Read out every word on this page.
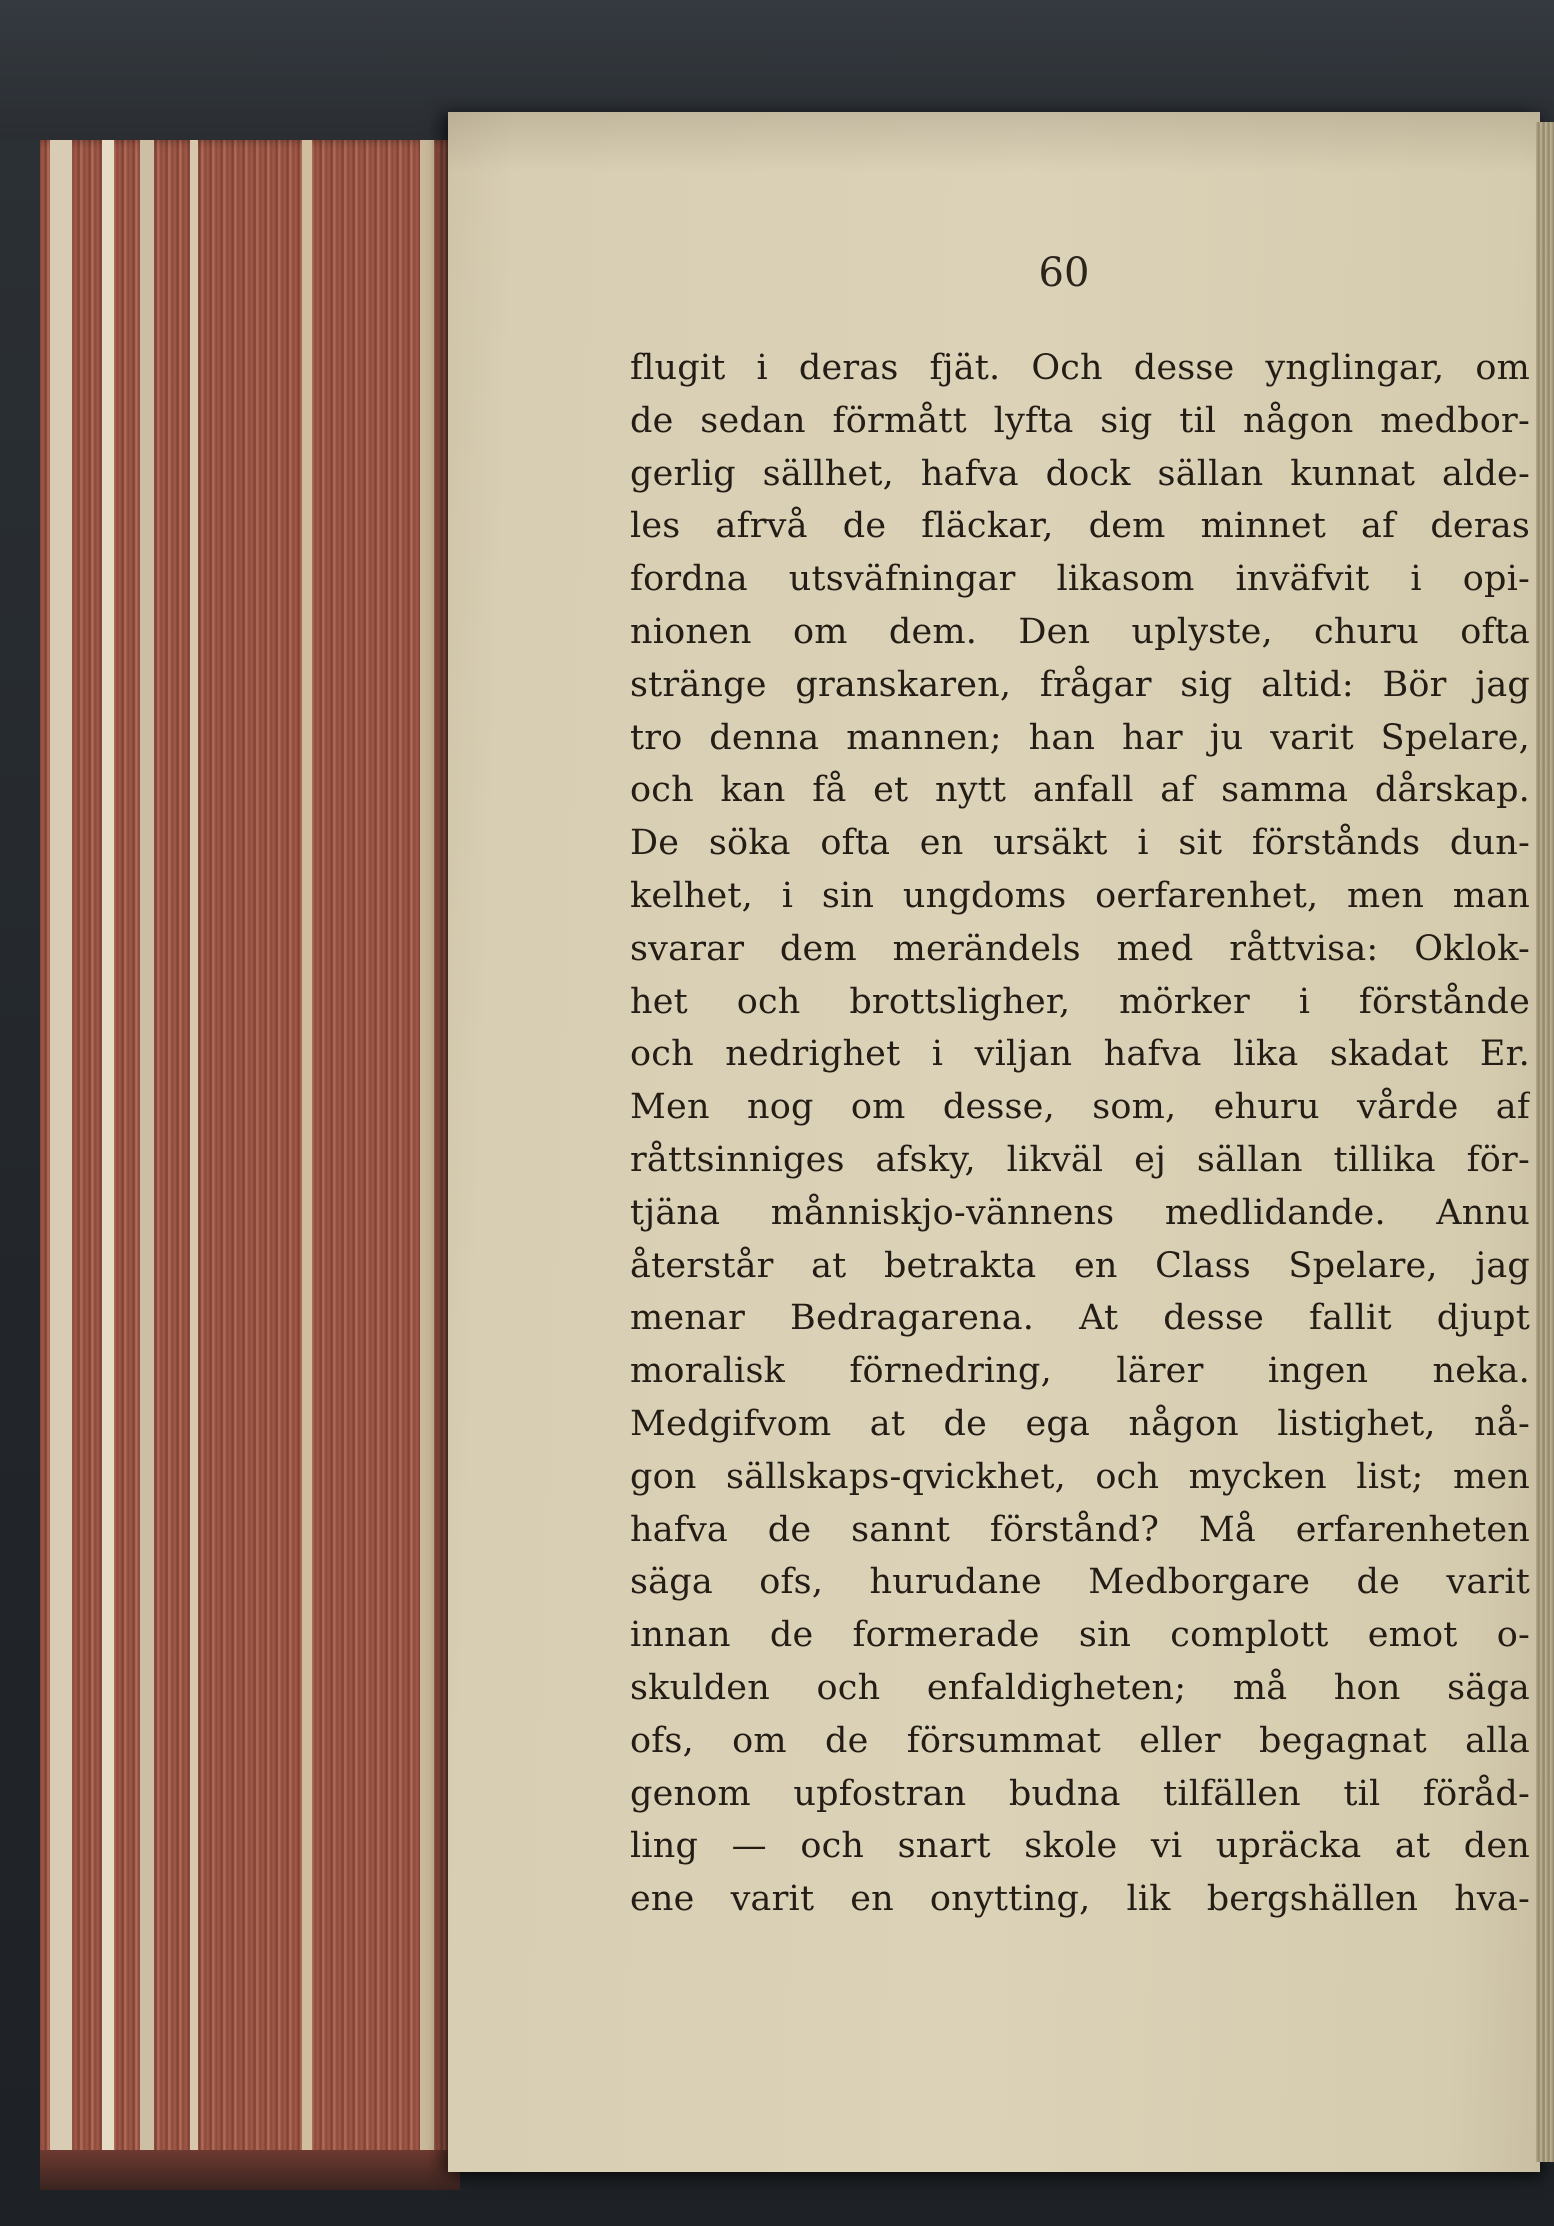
60
flugit i deras fjät. Och desse ynglingar, om
de sedan förmått lyfta sig til någon medbor-
gerlig sällhet, hafva dock sällan kunnat alde-
les afrvå de fläckar, dem minnet af deras
fordna utsväfningar likasom inväfvit i opi-
nionen om dem. Den uplyste, churu ofta
stränge granskaren, frågar sig altid: Bör jag
tro denna mannen; han har ju varit Spelare,
och kan få et nytt anfall af samma dårskap.
De söka ofta en ursäkt i sit förstånds dun-
kelhet, i sin ungdoms oerfarenhet, men man
svarar dem merändels med råttvisa: Oklok-
het och brottsligher, mörker i förstånde
och nedrighet i viljan hafva lika skadat Er.
Men nog om desse, som, ehuru vårde af
råttsinniges afsky, likväl ej sällan tillika för-
tjäna månniskjo-vännens medlidande. Annu
återstår at betrakta en Class Spelare, jag
menar Bedragarena. At desse fallit djupt
moralisk förnedring, lärer ingen neka.
Medgifvom at de ega någon listighet, nå-
gon sällskaps-qvickhet, och mycken list; men
hafva de sannt förstånd? Må erfarenheten
säga ofs, hurudane Medborgare de varit
innan de formerade sin complott emot o-
skulden och enfaldigheten; må hon säga
ofs, om de försummat eller begagnat alla
genom upfostran budna tilfällen til föråd-
ling — och snart skole vi upräcka at den
ene varit en onytting, lik bergshällen hva-
